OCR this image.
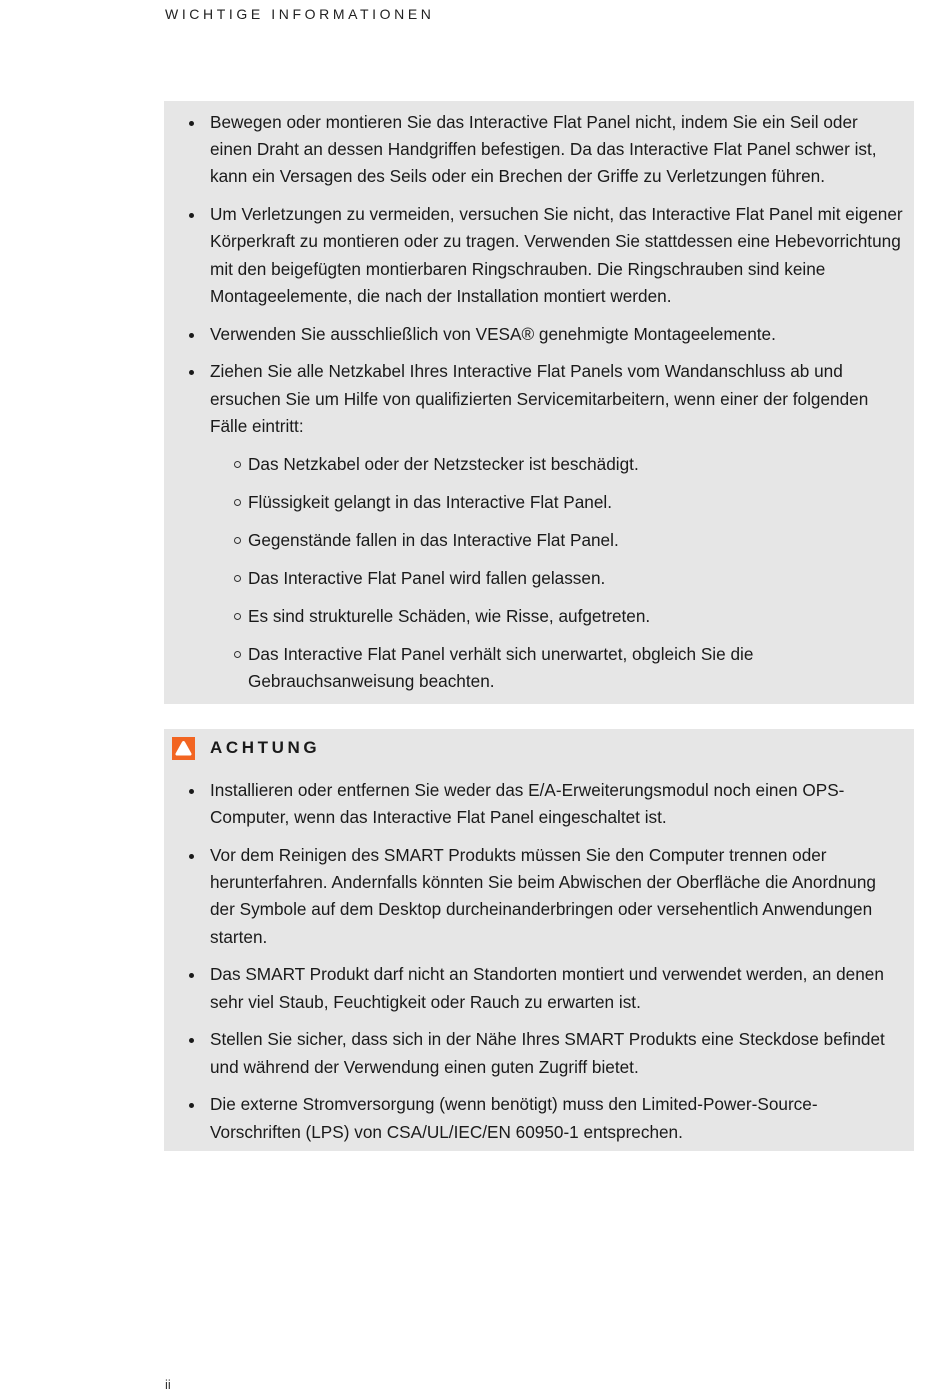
WICHTIGE INFORMATIONEN
Bewegen oder montieren Sie das Interactive Flat Panel nicht, indem Sie ein Seil oder einen Draht an dessen Handgriffen befestigen. Da das Interactive Flat Panel schwer ist, kann ein Versagen des Seils oder ein Brechen der Griffe zu Verletzungen führen.
Um Verletzungen zu vermeiden, versuchen Sie nicht, das Interactive Flat Panel mit eigener Körperkraft zu montieren oder zu tragen. Verwenden Sie stattdessen eine Hebevorrichtung mit den beigefügten montierbaren Ringschrauben. Die Ringschrauben sind keine Montageelemente, die nach der Installation montiert werden.
Verwenden Sie ausschließlich von VESA® genehmigte Montageelemente.
Ziehen Sie alle Netzkabel Ihres Interactive Flat Panels vom Wandanschluss ab und ersuchen Sie um Hilfe von qualifizierten Servicemitarbeitern, wenn einer der folgenden Fälle eintritt:
Das Netzkabel oder der Netzstecker ist beschädigt.
Flüssigkeit gelangt in das Interactive Flat Panel.
Gegenstände fallen in das Interactive Flat Panel.
Das Interactive Flat Panel wird fallen gelassen.
Es sind strukturelle Schäden, wie Risse, aufgetreten.
Das Interactive Flat Panel verhält sich unerwartet, obgleich Sie die Gebrauchsanweisung beachten.
ACHTUNG
Installieren oder entfernen Sie weder das E/A-Erweiterungsmodul noch einen OPS-Computer, wenn das Interactive Flat Panel eingeschaltet ist.
Vor dem Reinigen des SMART Produkts müssen Sie den Computer trennen oder herunterfahren. Andernfalls könnten Sie beim Abwischen der Oberfläche die Anordnung der Symbole auf dem Desktop durcheinanderbringen oder versehentlich Anwendungen starten.
Das SMART Produkt darf nicht an Standorten montiert und verwendet werden, an denen sehr viel Staub, Feuchtigkeit oder Rauch zu erwarten ist.
Stellen Sie sicher, dass sich in der Nähe Ihres SMART Produkts eine Steckdose befindet und während der Verwendung einen guten Zugriff bietet.
Die externe Stromversorgung (wenn benötigt) muss den Limited-Power-Source-Vorschriften (LPS) von CSA/UL/IEC/EN 60950-1 entsprechen.
ii
